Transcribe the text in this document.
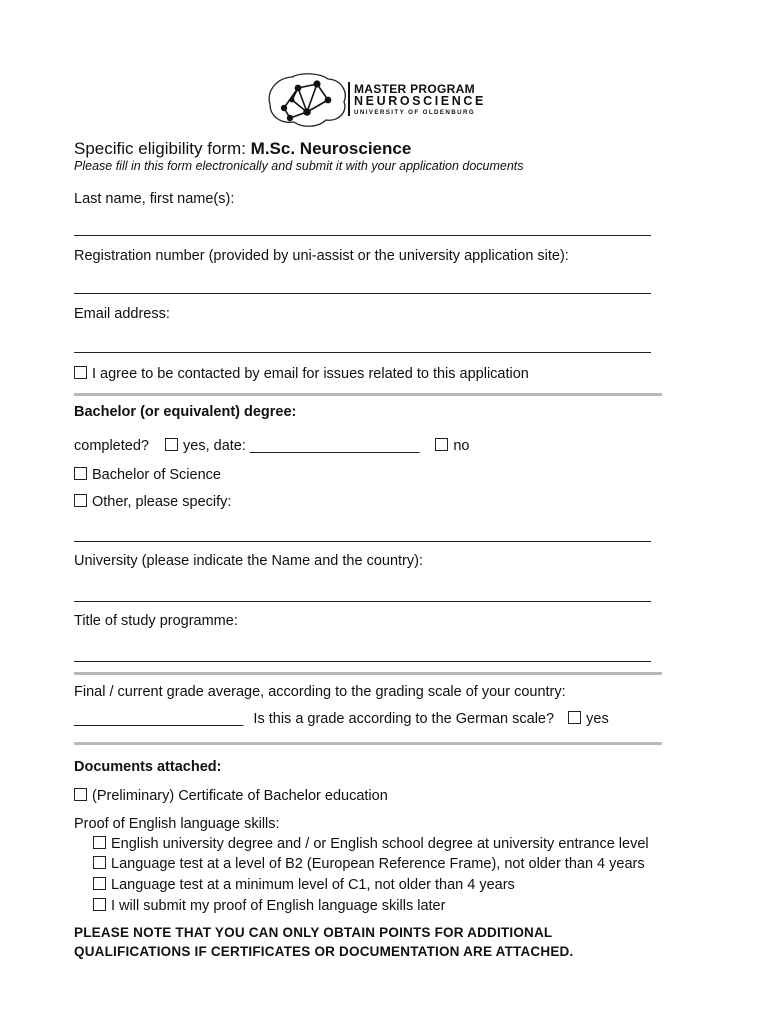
MASTER PROGRAM
NEUROSCIENCE
UNIVERSITY OF OLDENBURG
Specific eligibility form: M.Sc. Neuroscience
Please fill in this form electronically and submit it with your application documents
Last name, first name(s):
Registration number (provided by uni-assist or the university application site):
Email address:
I agree to be contacted by email for issues related to this application
Bachelor (or equivalent) degree:
completed? yes, date: _____________________ no
Bachelor of Science
Other, please specify:
University (please indicate the Name and the country):
Title of study programme:
Final / current grade average, according to the grading scale of your country:
_____________________ Is this a grade according to the German scale? yes
Documents attached:
(Preliminary) Certificate of Bachelor education
Proof of English language skills:
English university degree and / or English school degree at university entrance level
Language test at a level of B2 (European Reference Frame), not older than 4 years
Language test at a minimum level of C1, not older than 4 years
I will submit my proof of English language skills later
PLEASE NOTE THAT YOU CAN ONLY OBTAIN POINTS FOR ADDITIONAL
QUALIFICATIONS IF CERTIFICATES OR DOCUMENTATION ARE ATTACHED.
